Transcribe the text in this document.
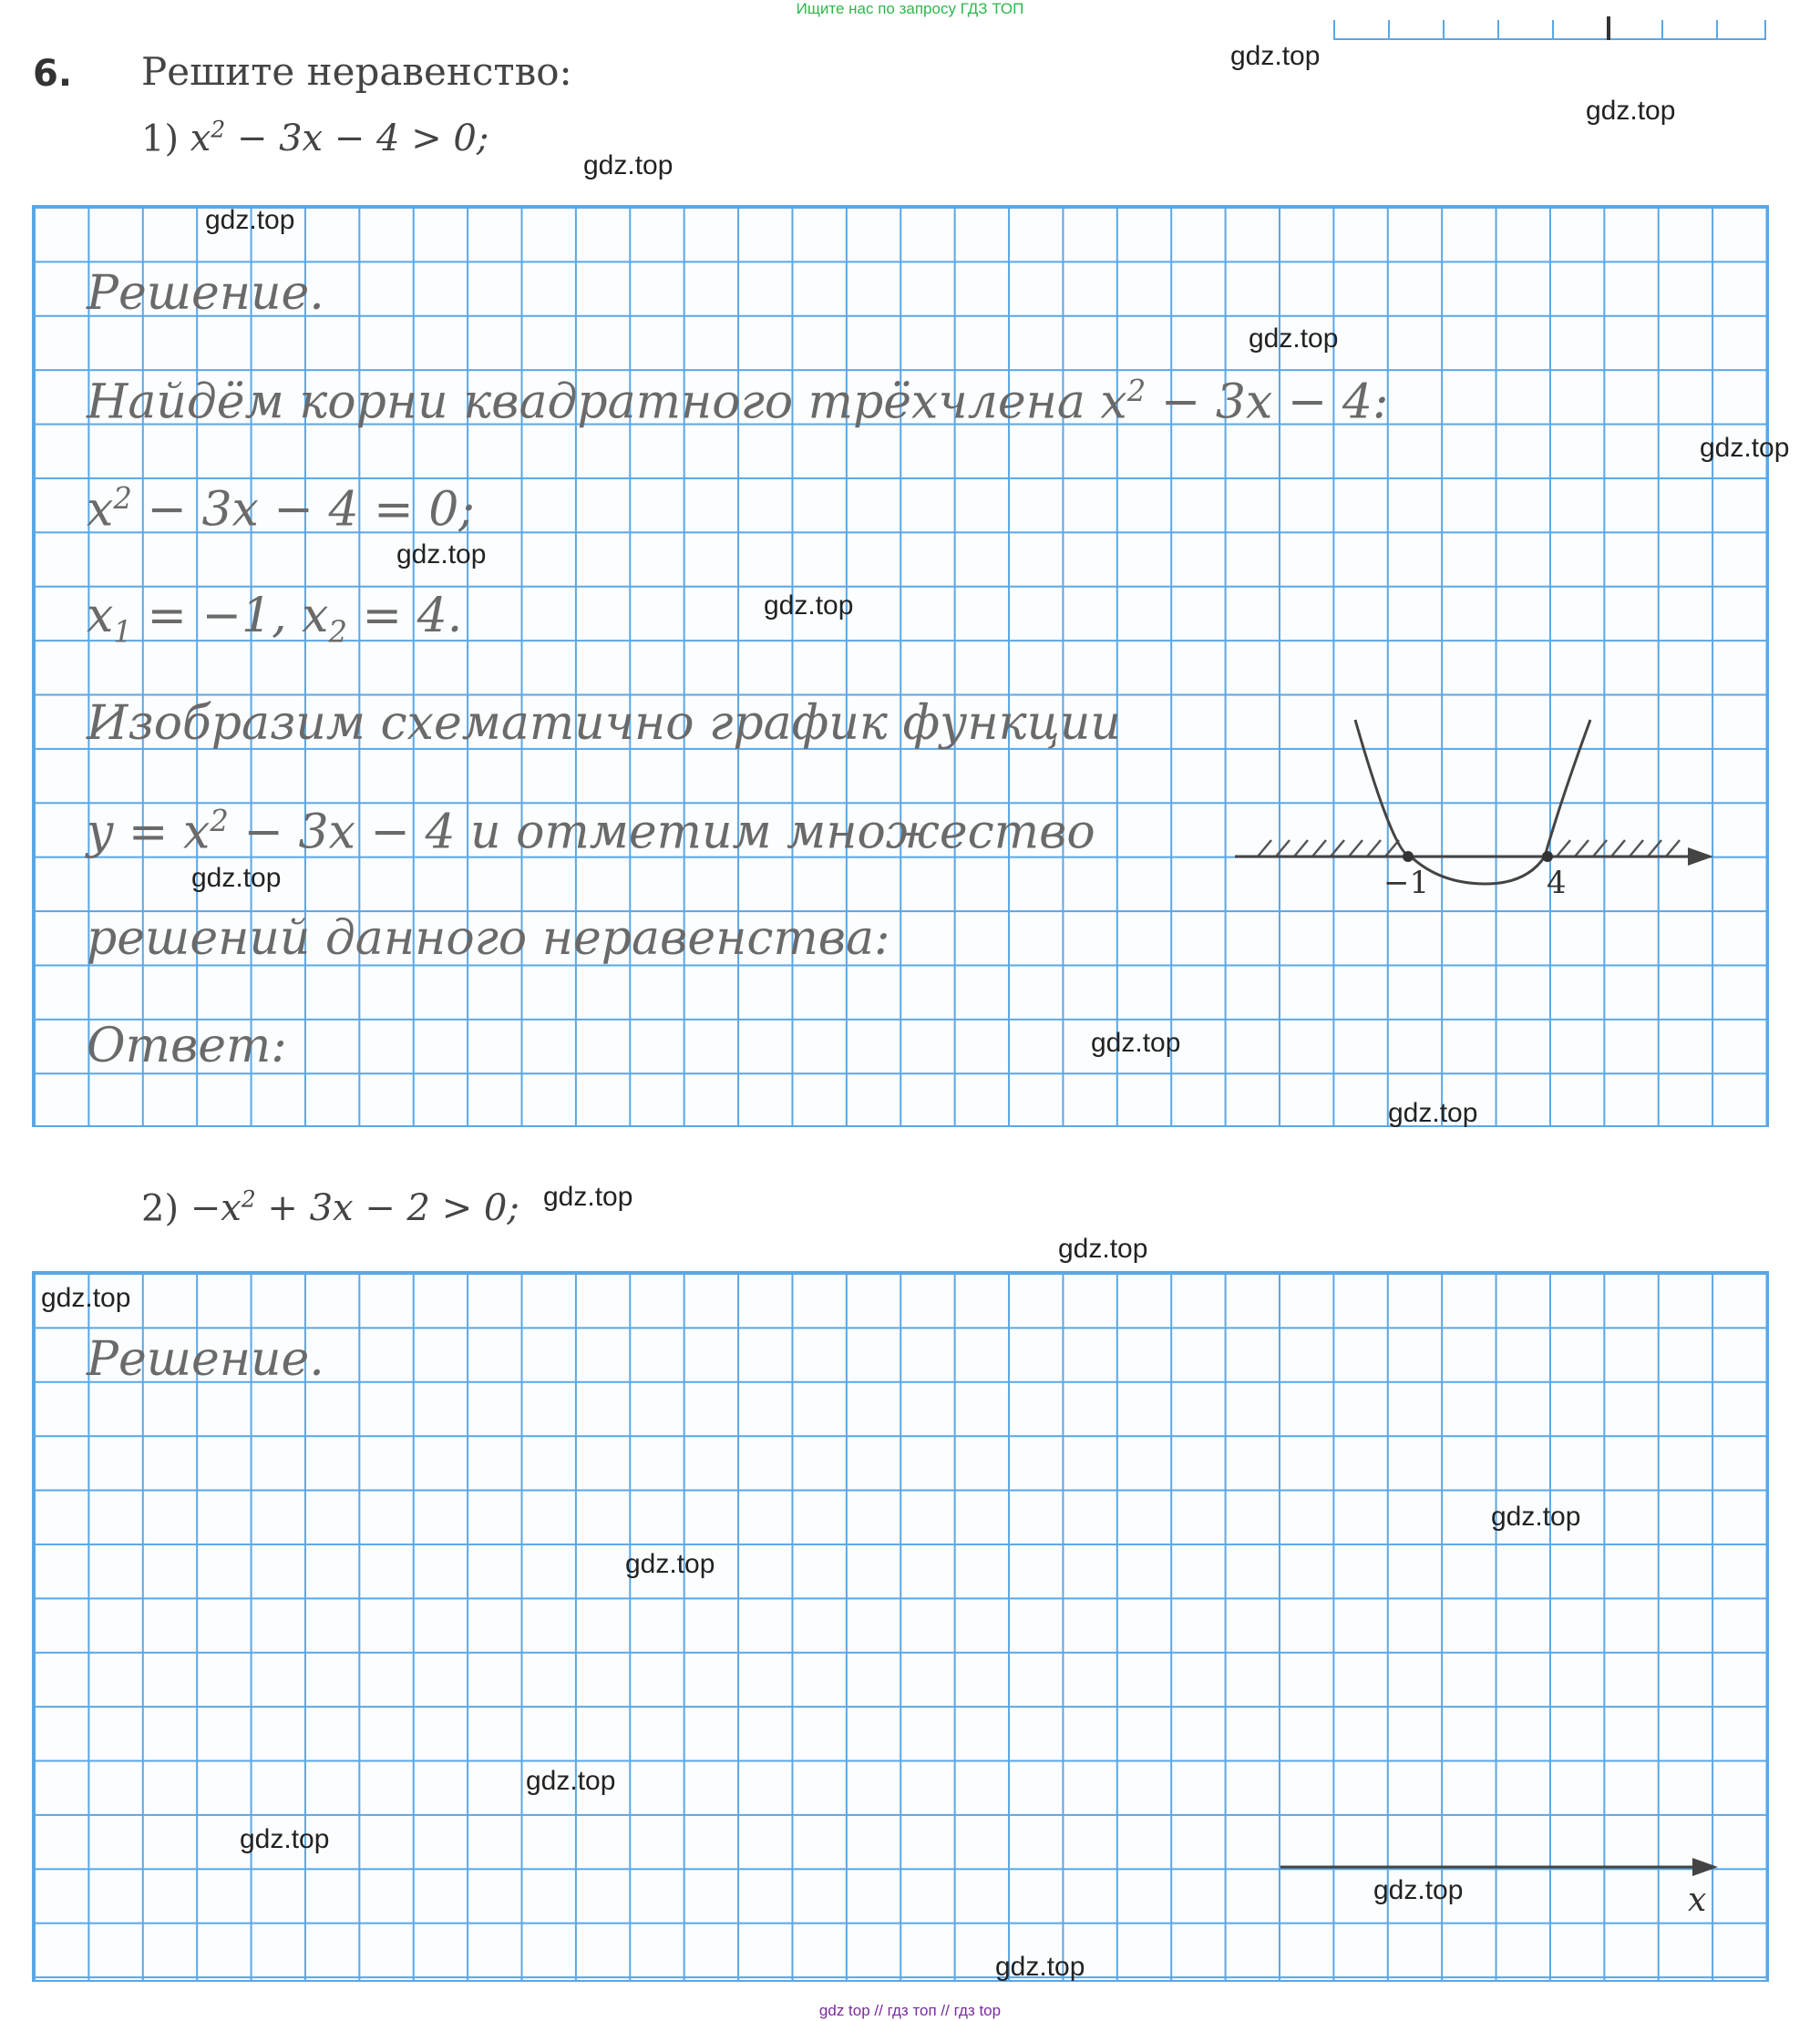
Ищите нас по запросу ГДЗ ТОП
6. Решите неравенство:
1) $x^2 - 3x - 4 > 0$;
Решение.
Найдём корни квадратного трёхчлена $x^2 - 3x - 4$:
$x^2 - 3x - 4 = 0$;
$x_1 = -1$, $x_2 = 4$.
Изобразим схематично график функции
$y = x^2 - 3x - 4$ и отметим множество
решений данного неравенства:
Ответ:
−1	4
$2) -x^2 + 3x - 2 > 0$;
Решение.
x
gdz.top
gdz.top
gdz.top
gdz.top
gdz.top
gdz.top
gdz.top
gdz.top
gdz.top
gdz.top
gdz.top
gdz.top
gdz.top
gdz.top
gdz.top
gdz.top
gdz.top
gdz.top
gdz.top
gdz.top
gdz top // гдз топ // гдз top
